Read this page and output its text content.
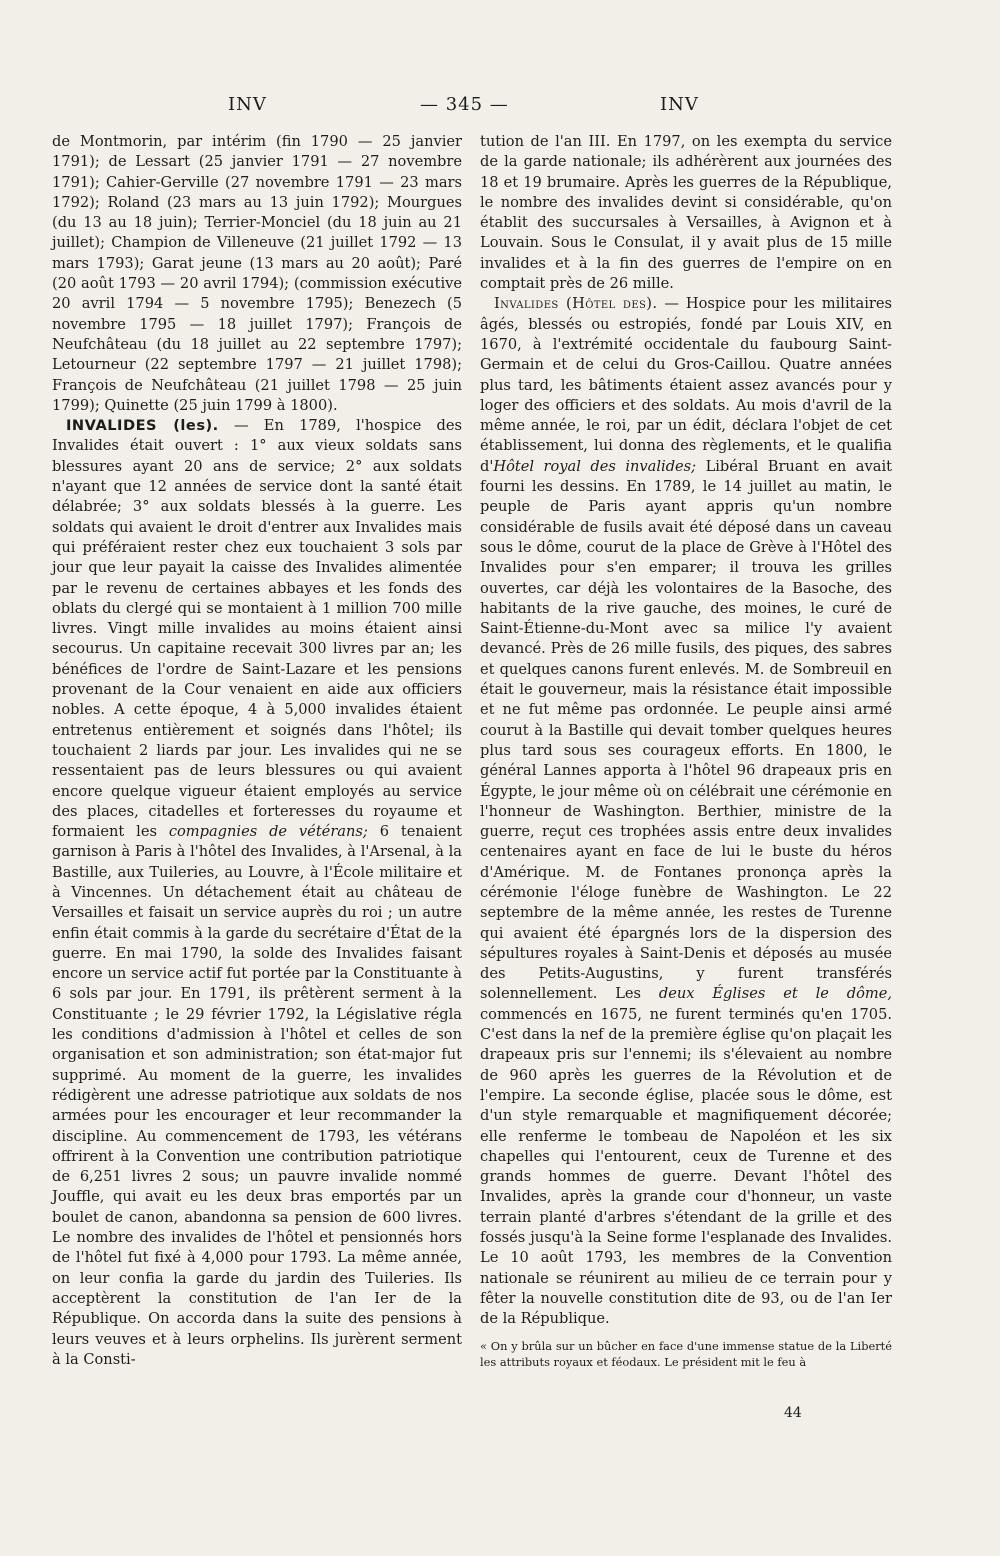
INV	— 345 —	INV

de Montmorin, par intérim (fin 1790 — 25 janvier 1791); de Lessart (25 janvier 1791 — 27 novembre 1791); Cahier-Gerville (27 novembre 1791 — 23 mars 1792); Roland (23 mars au 13 juin 1792); Mourgues (du 13 au 18 juin); Terrier-Monciel (du 18 juin au 21 juillet); Champion de Villeneuve (21 juillet 1792 — 13 mars 1793); Garat jeune (13 mars au 20 août); Paré (20 août 1793 — 20 avril 1794); (commission exécutive 20 avril 1794 — 5 novembre 1795); Benezech (5 novembre 1795 — 18 juillet 1797); François de Neufchâteau (du 18 juillet au 22 septembre 1797); Letourneur (22 septembre 1797 — 21 juillet 1798); François de Neufchâteau (21 juillet 1798 — 25 juin 1799); Quinette (25 juin 1799 à 1800).

INVALIDES (les). — En 1789, l'hospice des Invalides était ouvert : 1° aux vieux soldats sans blessures ayant 20 ans de service; 2° aux soldats n'ayant que 12 années de service dont la santé était délabrée; 3° aux soldats blessés à la guerre. Les soldats qui avaient le droit d'entrer aux Invalides mais qui préféraient rester chez eux touchaient 3 sols par jour que leur payait la caisse des Invalides alimentée par le revenu de certaines abbayes et les fonds des oblats du clergé qui se montaient à 1 million 700 mille livres. Vingt mille invalides au moins étaient ainsi secourus. Un capitaine recevait 300 livres par an; les bénéfices de l'ordre de Saint-Lazare et les pensions provenant de la Cour venaient en aide aux officiers nobles. A cette époque, 4 à 5,000 invalides étaient entretenus entièrement et soignés dans l'hôtel; ils touchaient 2 liards par jour. Les invalides qui ne se ressentaient pas de leurs blessures ou qui avaient encore quelque vigueur étaient employés au service des places, citadelles et forteresses du royaume et formaient les compagnies de vétérans; 6 tenaient garnison à Paris à l'hôtel des Invalides, à l'Arsenal, à la Bastille, aux Tuileries, au Louvre, à l'École militaire et à Vincennes. Un détachement était au château de Versailles et faisait un service auprès du roi ; un autre enfin était commis à la garde du secrétaire d'État de la guerre. En mai 1790, la solde des Invalides faisant encore un service actif fut portée par la Constituante à 6 sols par jour. En 1791, ils prêtèrent serment à la Constituante ; le 29 février 1792, la Législative régla les conditions d'admission à l'hôtel et celles de son organisation et son administration; son état-major fut supprimé. Au moment de la guerre, les invalides rédigèrent une adresse patriotique aux soldats de nos armées pour les encourager et leur recommander la discipline. Au commencement de 1793, les vétérans offrirent à la Convention une contribution patriotique de 6,251 livres 2 sous; un pauvre invalide nommé Jouffle, qui avait eu les deux bras emportés par un boulet de canon, abandonna sa pension de 600 livres. Le nombre des invalides de l'hôtel et pensionnés hors de l'hôtel fut fixé à 4,000 pour 1793. La même année, on leur confia la garde du jardin des Tuileries. Ils acceptèrent la constitution de l'an Ier de la République. On accorda dans la suite des pensions à leurs veuves et à leurs orphelins. Ils jurèrent serment à la Consti-

tution de l'an III. En 1797, on les exempta du service de la garde nationale; ils adhérèrent aux journées des 18 et 19 brumaire. Après les guerres de la République, le nombre des invalides devint si considérable, qu'on établit des succursales à Versailles, à Avignon et à Louvain. Sous le Consulat, il y avait plus de 15 mille invalides et à la fin des guerres de l'empire on en comptait près de 26 mille.

Invalides (Hôtel des). — Hospice pour les militaires âgés, blessés ou estropiés, fondé par Louis XIV, en 1670, à l'extrémité occidentale du faubourg Saint-Germain et de celui du Gros-Caillou. Quatre années plus tard, les bâtiments étaient assez avancés pour y loger des officiers et des soldats. Au mois d'avril de la même année, le roi, par un édit, déclara l'objet de cet établissement, lui donna des règlements, et le qualifia d'Hôtel royal des invalides; Libéral Bruant en avait fourni les dessins. En 1789, le 14 juillet au matin, le peuple de Paris ayant appris qu'un nombre considérable de fusils avait été déposé dans un caveau sous le dôme, courut de la place de Grève à l'Hôtel des Invalides pour s'en emparer; il trouva les grilles ouvertes, car déjà les volontaires de la Basoche, des habitants de la rive gauche, des moines, le curé de Saint-Étienne-du-Mont avec sa milice l'y avaient devancé. Près de 26 mille fusils, des piques, des sabres et quelques canons furent enlevés. M. de Sombreuil en était le gouverneur, mais la résistance était impossible et ne fut même pas ordonnée. Le peuple ainsi armé courut à la Bastille qui devait tomber quelques heures plus tard sous ses courageux efforts. En 1800, le général Lannes apporta à l'hôtel 96 drapeaux pris en Égypte, le jour même où on célébrait une cérémonie en l'honneur de Washington. Berthier, ministre de la guerre, reçut ces trophées assis entre deux invalides centenaires ayant en face de lui le buste du héros d'Amérique. M. de Fontanes prononça après la cérémonie l'éloge funèbre de Washington. Le 22 septembre de la même année, les restes de Turenne qui avaient été épargnés lors de la dispersion des sépultures royales à Saint-Denis et déposés au musée des Petits-Augustins, y furent transférés solennellement. Les deux Églises et le dôme, commencés en 1675, ne furent terminés qu'en 1705. C'est dans la nef de la première église qu'on plaçait les drapeaux pris sur l'ennemi; ils s'élevaient au nombre de 960 après les guerres de la Révolution et de l'empire. La seconde église, placée sous le dôme, est d'un style remarquable et magnifiquement décorée; elle renferme le tombeau de Napoléon et les six chapelles qui l'entourent, ceux de Turenne et des grands hommes de guerre. Devant l'hôtel des Invalides, après la grande cour d'honneur, un vaste terrain planté d'arbres s'étendant de la grille et des fossés jusqu'à la Seine forme l'esplanade des Invalides. Le 10 août 1793, les membres de la Convention nationale se réunirent au milieu de ce terrain pour y fêter la nouvelle constitution dite de 93, ou de l'an Ier de la République.

« On y brûla sur un bûcher en face d'une immense statue de la Liberté les attributs royaux et féodaux. Le président mit le feu à

44
